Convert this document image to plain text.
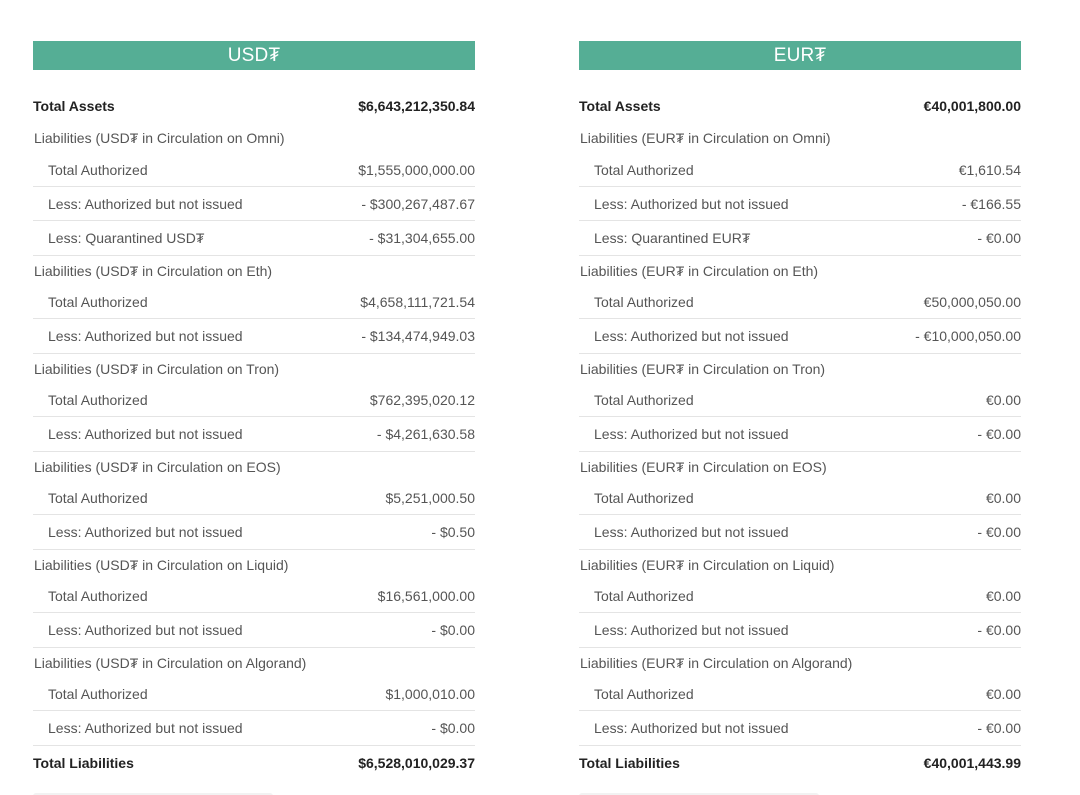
USD₮
Total Assets	$6,643,212,350.84
Liabilities (USD₮ in Circulation on Omni)
Total Authorized	$1,555,000,000.00
Less: Authorized but not issued	- $300,267,487.67
Less: Quarantined USD₮	- $31,304,655.00
Liabilities (USD₮ in Circulation on Eth)
Total Authorized	$4,658,111,721.54
Less: Authorized but not issued	- $134,474,949.03
Liabilities (USD₮ in Circulation on Tron)
Total Authorized	$762,395,020.12
Less: Authorized but not issued	- $4,261,630.58
Liabilities (USD₮ in Circulation on EOS)
Total Authorized	$5,251,000.50
Less: Authorized but not issued	- $0.50
Liabilities (USD₮ in Circulation on Liquid)
Total Authorized	$16,561,000.00
Less: Authorized but not issued	- $0.00
Liabilities (USD₮ in Circulation on Algorand)
Total Authorized	$1,000,010.00
Less: Authorized but not issued	- $0.00
Total Liabilities	$6,528,010,029.37
EUR₮
Total Assets	€40,001,800.00
Liabilities (EUR₮ in Circulation on Omni)
Total Authorized	€1,610.54
Less: Authorized but not issued	- €166.55
Less: Quarantined EUR₮	- €0.00
Liabilities (EUR₮ in Circulation on Eth)
Total Authorized	€50,000,050.00
Less: Authorized but not issued	- €10,000,050.00
Liabilities (EUR₮ in Circulation on Tron)
Total Authorized	€0.00
Less: Authorized but not issued	- €0.00
Liabilities (EUR₮ in Circulation on EOS)
Total Authorized	€0.00
Less: Authorized but not issued	- €0.00
Liabilities (EUR₮ in Circulation on Liquid)
Total Authorized	€0.00
Less: Authorized but not issued	- €0.00
Liabilities (EUR₮ in Circulation on Algorand)
Total Authorized	€0.00
Less: Authorized but not issued	- €0.00
Total Liabilities	€40,001,443.99
